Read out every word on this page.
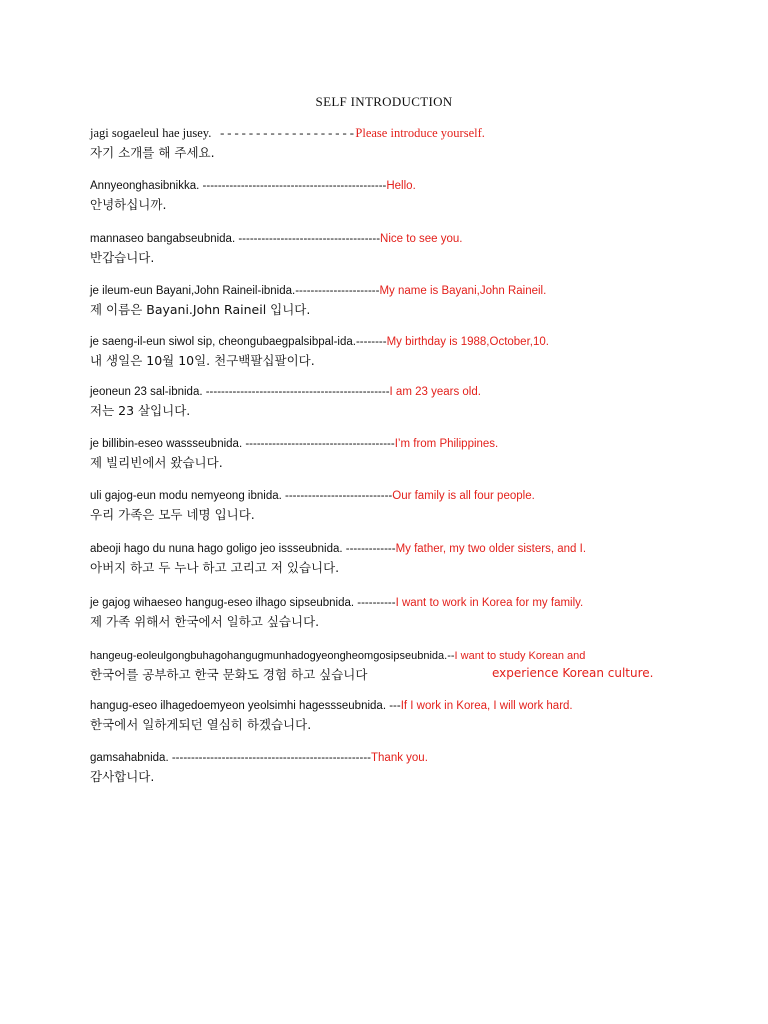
SELF INTRODUCTION
jagi sogaeleul hae jusey. -------------------Please introduce yourself.
자기 소개를 해 주세요.
Annyeonghasibnikka. ------------------------------------------------Hello.
안녕하십니까.
mannaseo bangabseubnida. -------------------------------------Nice to see you.
반갑습니다.
je ileum-eun Bayani,John Raineil-ibnida.----------------------My name is Bayani,John Raineil.
제 이름은 Bayani.John Raineil 입니다.
je saeng-il-eun siwol sip, cheongubaegpalsibpal-ida.--------My birthday is 1988,October,10.
내 생일은 10월 10일. 천구백팔십팔이다.
jeoneun 23 sal-ibnida. ------------------------------------------------I am 23 years old.
저는 23 살입니다.
je billibin-eseo wassseubnida. ---------------------------------------I’m from Philippines.
제 빌리빈에서 왔습니다.
uli gajog-eun modu nemyeong ibnida. ----------------------------Our family is all four people.
우리 가족은 모두 네명 입니다.
abeoji hago du nuna hago goligo jeo issseubnida. -------------My father, my two older sisters, and I.
아버지 하고 두 누나 하고 고리고 저 있습니다.
je gajog wihaeseo hangug-eseo ilhago sipseubnida. ----------I want to work in Korea for my family.
제 가족 위해서 한국에서 일하고 싶습니다.
hangeug-eoleulgongbuhagohangugmunhadogyeongheomgosipseubnida.--I want to study Korean and
한국어를 공부하고 한국 문화도 경험 하고 싶습니다	experience Korean culture.
hangug-eseo ilhagedoemyeon yeolsimhi hagessseubnida. ---If I work in Korea, I will work hard.
한국에서 일하게되던 열심히 하겠습니다.
gamsahabnida. ----------------------------------------------------Thank you.
감사합니다.
